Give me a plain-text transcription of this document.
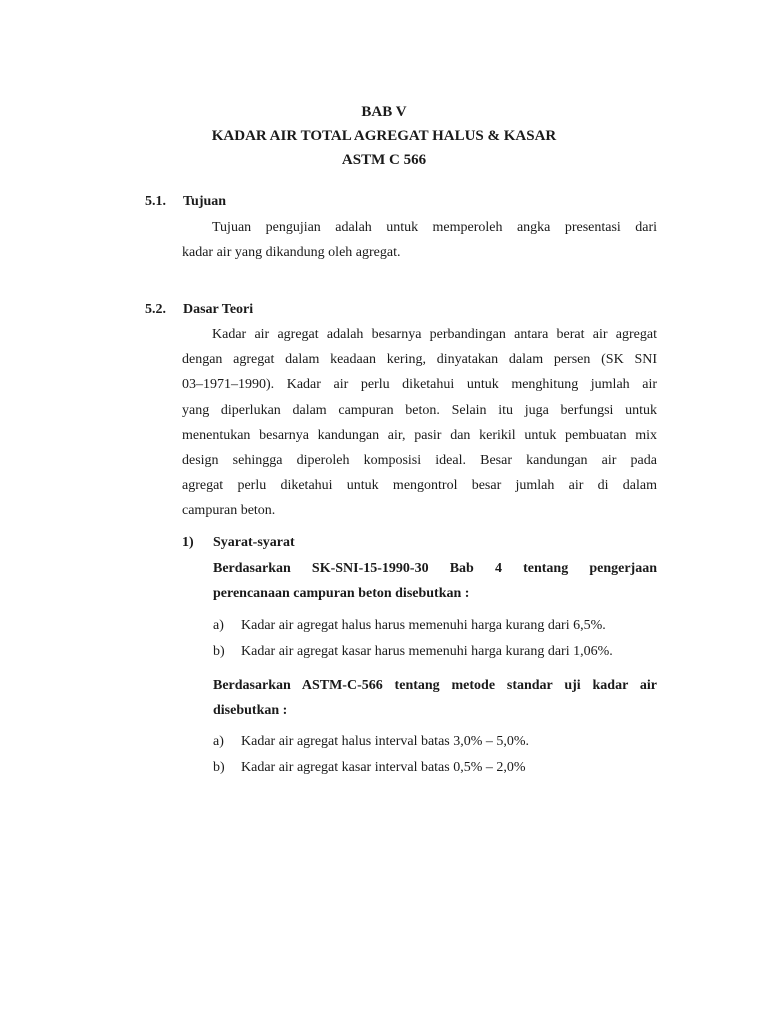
BAB V
KADAR AIR TOTAL AGREGAT HALUS & KASAR
ASTM C 566
5.1. Tujuan
Tujuan pengujian adalah untuk memperoleh angka presentasi dari
kadar air yang dikandung oleh agregat.
5.2. Dasar Teori
Kadar air agregat adalah besarnya perbandingan antara berat air agregat
dengan agregat dalam keadaan kering, dinyatakan dalam persen (SK SNI
03–1971–1990). Kadar air perlu diketahui untuk menghitung jumlah air
yang diperlukan dalam campuran beton. Selain itu juga berfungsi untuk
menentukan besarnya kandungan air, pasir dan kerikil untuk pembuatan mix
design sehingga diperoleh komposisi ideal. Besar kandungan air pada
agregat perlu diketahui untuk mengontrol besar jumlah air di dalam
campuran beton.
1) Syarat-syarat
Berdasarkan SK-SNI-15-1990-30 Bab 4 tentang pengerjaan
perencanaan campuran beton disebutkan :
a) Kadar air agregat halus harus memenuhi harga kurang dari 6,5%.
b) Kadar air agregat kasar harus memenuhi harga kurang dari 1,06%.
Berdasarkan ASTM-C-566 tentang metode standar uji kadar air
disebutkan :
a) Kadar air agregat halus interval batas 3,0% – 5,0%.
b) Kadar air agregat kasar interval batas 0,5% – 2,0%
